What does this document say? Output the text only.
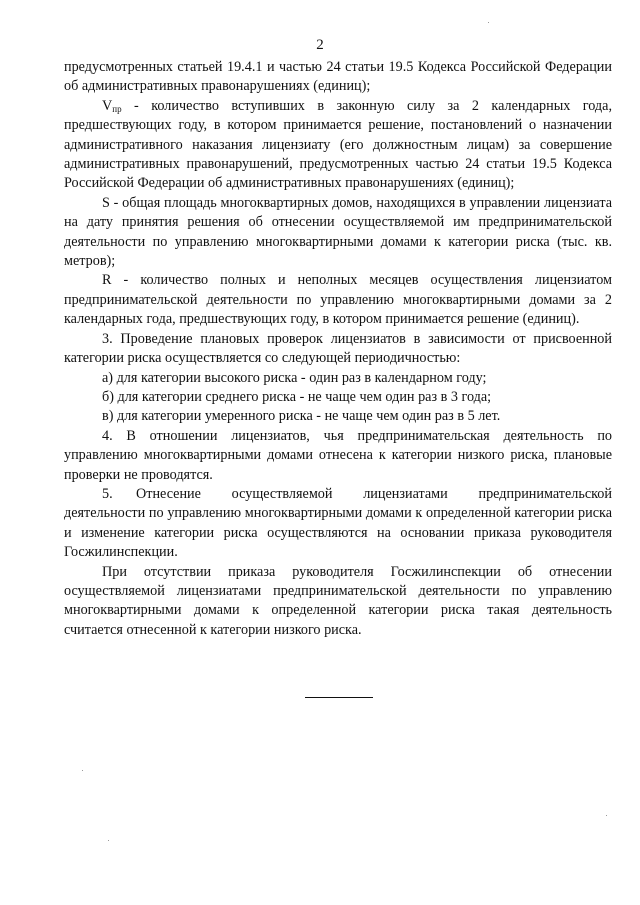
2

предусмотренных статьей 19.4.1 и частью 24 статьи 19.5 Кодекса Российской Федерации об административных правонарушениях (единиц);

$V_{пр}$ - количество вступивших в законную силу за 2 календарных года, предшествующих году, в котором принимается решение, постановлений о назначении административного наказания лицензиату (его должностным лицам) за совершение административных правонарушений, предусмотренных частью 24 статьи 19.5 Кодекса Российской Федерации об административных правонарушениях (единиц);

S - общая площадь многоквартирных домов, находящихся в управлении лицензиата на дату принятия решения об отнесении осуществляемой им предпринимательской деятельности по управлению многоквартирными домами к категории риска (тыс. кв. метров);

R - количество полных и неполных месяцев осуществления лицензиатом предпринимательской деятельности по управлению многоквартирными домами за 2 календарных года, предшествующих году, в котором принимается решение (единиц).

3. Проведение плановых проверок лицензиатов в зависимости от присвоенной категории риска осуществляется со следующей периодичностью:

а) для категории высокого риска - один раз в календарном году;

б) для категории среднего риска - не чаще чем один раз в 3 года;

в) для категории умеренного риска - не чаще чем один раз в 5 лет.

4. В отношении лицензиатов, чья предпринимательская деятельность по управлению многоквартирными домами отнесена к категории низкого риска, плановые проверки не проводятся.

5. Отнесение осуществляемой лицензиатами предпринимательской деятельности по управлению многоквартирными домами к определенной категории риска и изменение категории риска осуществляются на основании приказа руководителя Госжилинспекции.

При отсутствии приказа руководителя Госжилинспекции об отнесении осуществляемой лицензиатами предпринимательской деятельности по управлению многоквартирными домами к определенной категории риска такая деятельность считается отнесенной к категории низкого риска.
